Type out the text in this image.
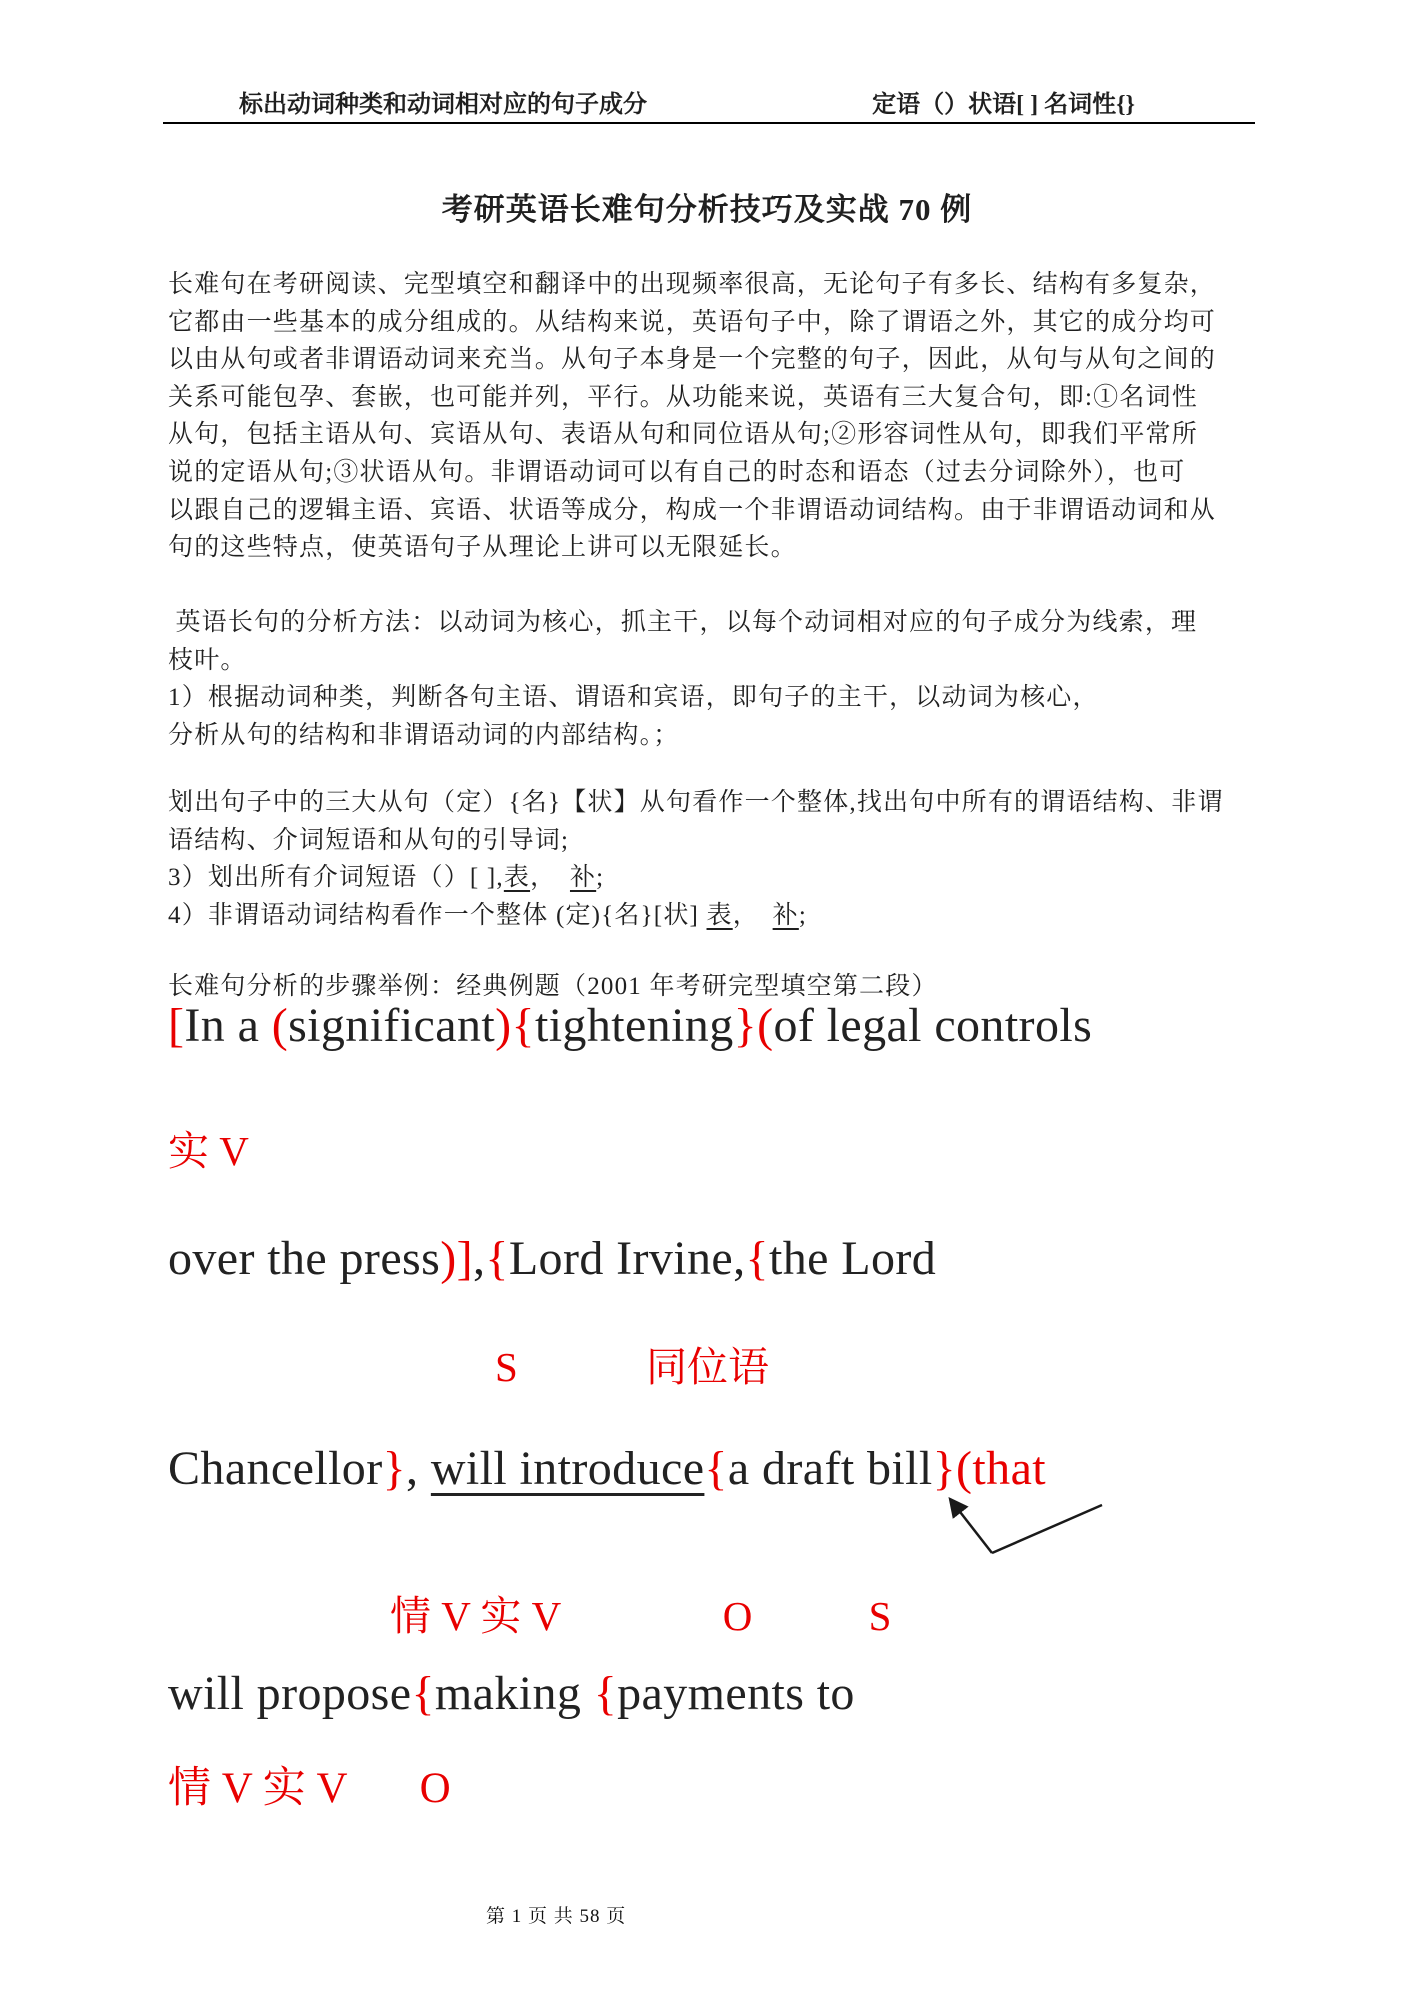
标出动词种类和动词相对应的句子成分	定语（）状语[ ] 名词性{}
考研英语长难句分析技巧及实战 70 例
长难句在考研阅读、完型填空和翻译中的出现频率很高，无论句子有多长、结构有多复杂，
它都由一些基本的成分组成的。从结构来说，英语句子中，除了谓语之外，其它的成分均可
以由从句或者非谓语动词来充当。从句子本身是一个完整的句子，因此，从句与从句之间的
关系可能包孕、套嵌，也可能并列，平行。从功能来说，英语有三大复合句，即:①名词性
从句，包括主语从句、宾语从句、表语从句和同位语从句;②形容词性从句，即我们平常所
说的定语从句;③状语从句。非谓语动词可以有自己的时态和语态（过去分词除外），也可
以跟自己的逻辑主语、宾语、状语等成分，构成一个非谓语动词结构。由于非谓语动词和从
句的这些特点，使英语句子从理论上讲可以无限延长。
英语长句的分析方法：以动词为核心，抓主干，以每个动词相对应的句子成分为线索，理
枝叶。
1）根据动词种类，判断各句主语、谓语和宾语，即句子的主干，以动词为核心，
分析从句的结构和非谓语动词的内部结构。；
划出句子中的三大从句（定）{名}【状】从句看作一个整体,找出句中所有的谓语结构、非谓
语结构、介词短语和从句的引导词;
3）划出所有介词短语（）[ ],表，　补;
4）非谓语动词结构看作一个整体 (定){名}[状] 表，　补;
长难句分析的步骤举例：经典例题（2001 年考研完型填空第二段）
[In a (significant){tightening}(of legal controls
实 V
over the press)],{Lord Irvine,{the Lord
S	同位语
Chancellor}, will introduce{a draft bill}(that
情 V 实 V	O	S
will propose{making {payments to
情 V 实 V O
第 1 页 共 58 页
